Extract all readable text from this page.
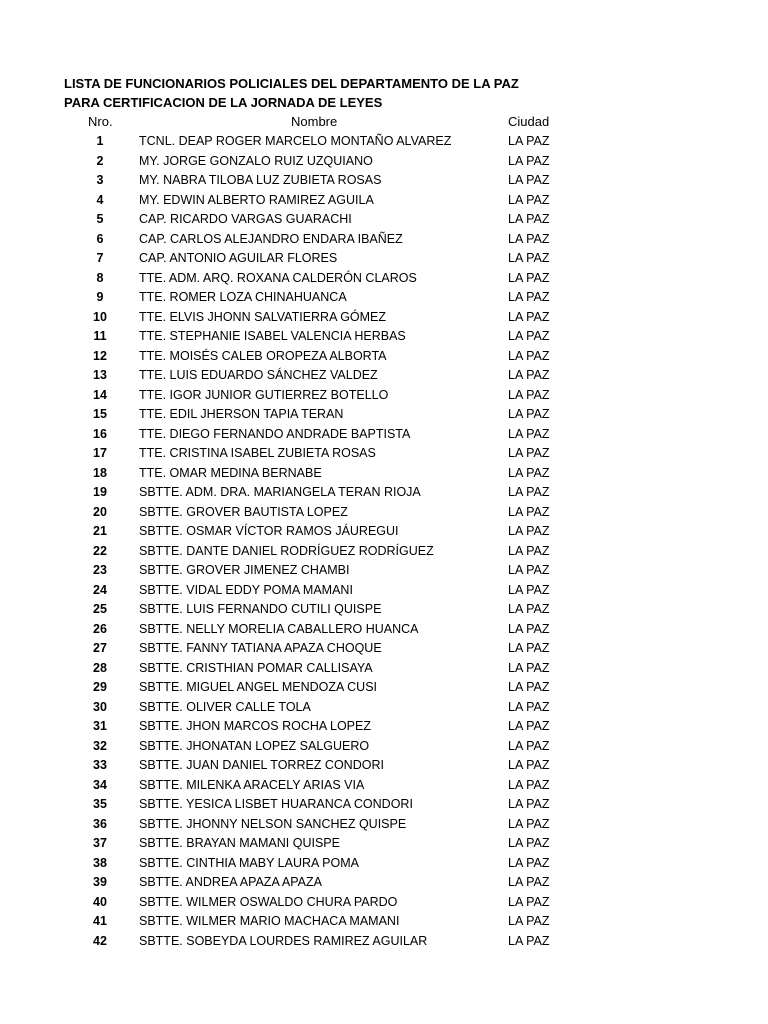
LISTA DE FUNCIONARIOS POLICIALES DEL DEPARTAMENTO DE LA PAZ
PARA CERTIFICACION DE LA JORNADA DE LEYES
Nro.	Nombre	Ciudad
1	TCNL. DEAP ROGER MARCELO MONTAÑO ALVAREZ	LA PAZ
2	MY. JORGE GONZALO RUIZ UZQUIANO	LA PAZ
3	MY. NABRA TILOBA LUZ ZUBIETA ROSAS	LA PAZ
4	MY. EDWIN ALBERTO RAMIREZ AGUILA	LA PAZ
5	CAP. RICARDO VARGAS GUARACHI	LA PAZ
6	CAP. CARLOS ALEJANDRO ENDARA IBAÑEZ	LA PAZ
7	CAP. ANTONIO AGUILAR FLORES	LA PAZ
8	TTE. ADM. ARQ. ROXANA CALDERÓN CLAROS	LA PAZ
9	TTE. ROMER LOZA CHINAHUANCA	LA PAZ
10	TTE. ELVIS JHONN SALVATIERRA GÓMEZ	LA PAZ
11	TTE. STEPHANIE ISABEL VALENCIA HERBAS	LA PAZ
12	TTE. MOISÉS CALEB OROPEZA ALBORTA	LA PAZ
13	TTE. LUIS EDUARDO SÁNCHEZ VALDEZ	LA PAZ
14	TTE. IGOR JUNIOR GUTIERREZ BOTELLO	LA PAZ
15	TTE. EDIL JHERSON TAPIA TERAN	LA PAZ
16	TTE. DIEGO FERNANDO ANDRADE BAPTISTA	LA PAZ
17	TTE. CRISTINA ISABEL ZUBIETA ROSAS	LA PAZ
18	TTE. OMAR MEDINA BERNABE	LA PAZ
19	SBTTE. ADM. DRA. MARIANGELA TERAN RIOJA	LA PAZ
20	SBTTE. GROVER BAUTISTA LOPEZ	LA PAZ
21	SBTTE. OSMAR VÍCTOR RAMOS JÁUREGUI	LA PAZ
22	SBTTE. DANTE DANIEL RODRÍGUEZ RODRÍGUEZ	LA PAZ
23	SBTTE. GROVER JIMENEZ CHAMBI	LA PAZ
24	SBTTE. VIDAL EDDY POMA MAMANI	LA PAZ
25	SBTTE. LUIS FERNANDO CUTILI QUISPE	LA PAZ
26	SBTTE. NELLY MORELIA CABALLERO HUANCA	LA PAZ
27	SBTTE. FANNY TATIANA APAZA CHOQUE	LA PAZ
28	SBTTE. CRISTHIAN POMAR CALLISAYA	LA PAZ
29	SBTTE. MIGUEL ANGEL MENDOZA CUSI	LA PAZ
30	SBTTE. OLIVER CALLE TOLA	LA PAZ
31	SBTTE. JHON MARCOS ROCHA LOPEZ	LA PAZ
32	SBTTE. JHONATAN LOPEZ SALGUERO	LA PAZ
33	SBTTE. JUAN DANIEL TORREZ CONDORI	LA PAZ
34	SBTTE. MILENKA ARACELY ARIAS VIA	LA PAZ
35	SBTTE. YESICA LISBET HUARANCA CONDORI	LA PAZ
36	SBTTE. JHONNY NELSON SANCHEZ QUISPE	LA PAZ
37	SBTTE. BRAYAN MAMANI QUISPE	LA PAZ
38	SBTTE. CINTHIA MABY LAURA POMA	LA PAZ
39	SBTTE. ANDREA APAZA APAZA	LA PAZ
40	SBTTE. WILMER OSWALDO CHURA PARDO	LA PAZ
41	SBTTE. WILMER MARIO MACHACA MAMANI	LA PAZ
42	SBTTE. SOBEYDA LOURDES RAMIREZ AGUILAR	LA PAZ
